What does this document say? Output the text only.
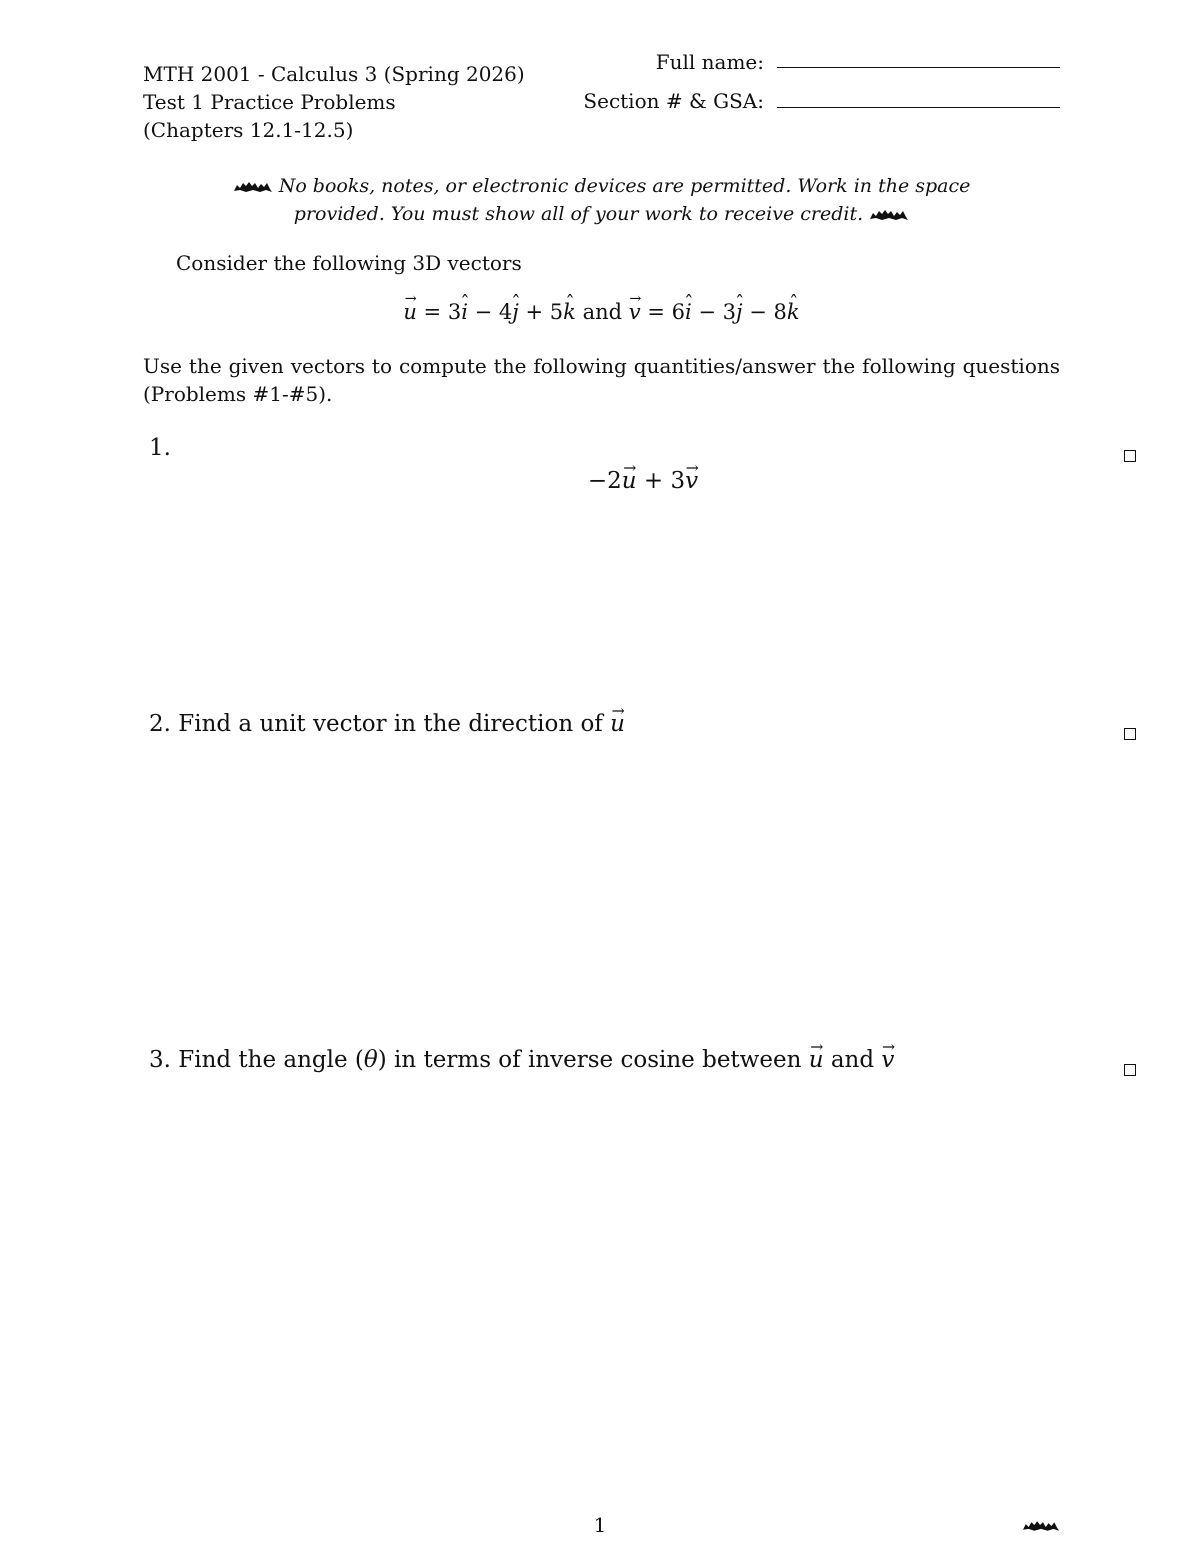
MTH 2001 - Calculus 3 (Spring 2026)
Test 1 Practice Problems
(Chapters 12.1-12.5)
Full name:
Section # & GSA:
No books, notes, or electronic devices are permitted. Work in the space
provided. You must show all of your work to receive credit.
Consider the following 3D vectors
→ u = 3ˆ i − 4ˆ j + 5ˆ k and → v = 6ˆ i − 3ˆ j − 8ˆ k
Use the given vectors to compute the following quantities/answer the following questions (Problems #1-#5).
1.
−2→ u + 3→ v
2. Find a unit vector in the direction of → u
3. Find the angle (θ) in terms of inverse cosine between → u and → v
1
